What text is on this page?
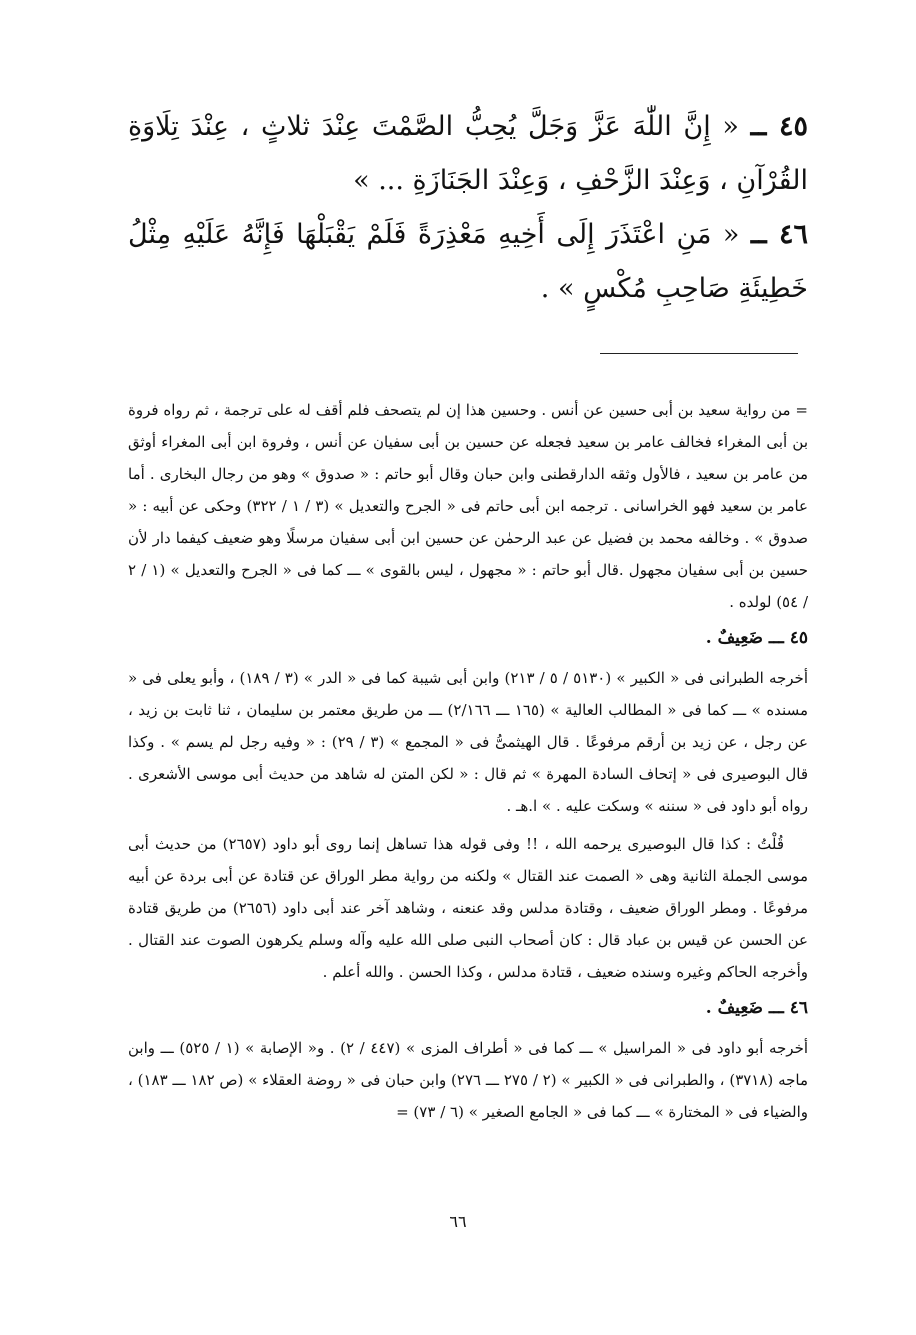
٤٥ ــ « إِنَّ اللّٰهَ عَزَّ وَجَلَّ يُحِبُّ الصَّمْتَ عِنْدَ ثلاثٍ ، عِنْدَ تِلَاوَةِ القُرْآنِ ، وَعِنْدَ الزَّحْفِ ، وَعِنْدَ الجَنَازَةِ ... »

٤٦ ــ « مَنِ اعْتَذَرَ إِلَى أَخِيهِ مَعْذِرَةً فَلَمْ يَقْبَلْهَا فَإِنَّهُ عَلَيْهِ مِثْلُ خَطِيئَةِ صَاحِبِ مُكْسٍ » .

= من رواية سعيد بن أبى حسين عن أنس . وحسين هذا إن لم يتصحف فلم أقف له على ترجمة ، ثم رواه فروة بن أبى المغراء فخالف عامر بن سعيد فجعله عن حسين بن أبى سفيان عن أنس ، وفروة ابن أبى المغراء أوثق من عامر بن سعيد ، فالأول وثقه الدارقطنى وابن حبان وقال أبو حاتم : « صدوق » وهو من رجال البخارى . أما عامر بن سعيد فهو الخراسانى . ترجمه ابن أبى حاتم فى « الجرح والتعديل » (٣ / ١ / ٣٢٢) وحكى عن أبيه : « صدوق » . وخالفه محمد بن فضيل عن عبد الرحمٰن عن حسين ابن أبى سفيان مرسلًا وهو ضعيف كيفما دار لأن حسين بن أبى سفيان مجهول .قال أبو حاتم : « مجهول ، ليس بالقوى » ـــ كما فى « الجرح والتعديل » (١ / ٢ / ٥٤) لولده .

٤٥ ـــ ضَعِيفٌ .

أخرجه الطبرانى فى « الكبير » (٥١٣٠ / ٥ / ٢١٣) وابن أبى شيبة كما فى « الدر » (٣ / ١٨٩) ، وأبو يعلى فى « مسنده » ـــ كما فى « المطالب العالية » (١٦٥ ـــ ٢/١٦٦) ـــ من طريق معتمر بن سليمان ، ثنا ثابت بن زيد ، عن رجل ، عن زيد بن أرقم مرفوعًا . قال الهيثمىُّ فى « المجمع » (٣ / ٢٩) : « وفيه رجل لم يسم » . وكذا قال البوصيرى فى « إتحاف السادة المهرة » ثم قال : « لكن المتن له شاهد من حديث أبى موسى الأشعرى . رواه أبو داود فى « سننه » وسكت عليه . » ا.هـ .

قُلْتُ : كذا قال البوصيرى يرحمه الله ، !! وفى قوله هذا تساهل إنما روى أبو داود (٢٦٥٧) من حديث أبى موسى الجملة الثانية وهى « الصمت عند القتال » ولكنه من رواية مطر الوراق عن قتادة عن أبى بردة عن أبيه مرفوعًا . ومطر الوراق ضعيف ، وقتادة مدلس وقد عنعنه ، وشاهد آخر عند أبى داود (٢٦٥٦) من طريق قتادة عن الحسن عن قيس بن عباد قال : كان أصحاب النبى صلى الله عليه وآله وسلم يكرهون الصوت عند القتال . وأخرجه الحاكم وغيره وسنده ضعيف ، قتادة مدلس ، وكذا الحسن . والله أعلم .

٤٦ ـــ ضَعِيفٌ .

أخرجه أبو داود فى « المراسيل » ـــ كما فى « أطراف المزى » (٤٤٧ / ٢) . و« الإصابة » (١ / ٥٢٥) ـــ وابن ماجه (٣٧١٨) ، والطبرانى فى « الكبير » (٢ / ٢٧٥ ـــ ٢٧٦) وابن حبان فى « روضة العقلاء » (ص ١٨٢ ـــ ١٨٣) ، والضياء فى « المختارة » ـــ كما فى « الجامع الصغير » (٦ / ٧٣) =

٦٦
